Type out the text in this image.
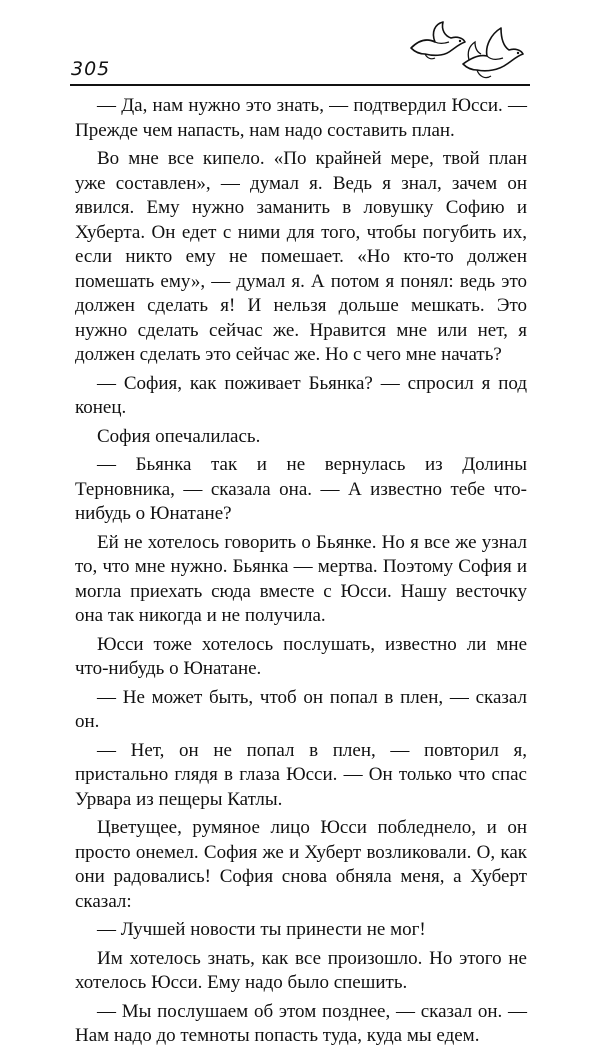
305

— Да, нам нужно это знать, — подтвердил Юсси. — Прежде чем напасть, нам надо составить план.

Во мне все кипело. «По крайней мере, твой план уже составлен», — думал я. Ведь я знал, зачем он явился. Ему нужно заманить в ловушку Софию и Хуберта. Он едет с ними для того, чтобы погубить их, если никто ему не помешает. «Но кто-то должен помешать ему», — думал я. А потом я понял: ведь это должен сделать я! И нельзя дольше мешкать. Это нужно сделать сейчас же. Нравится мне или нет, я должен сделать это сейчас же. Но с чего мне начать?

— София, как поживает Бьянка? — спросил я под конец.

София опечалилась.

— Бьянка так и не вернулась из Долины Терновника, — сказала она. — А известно тебе что-нибудь о Юнатане?

Ей не хотелось говорить о Бьянке. Но я все же узнал то, что мне нужно. Бьянка — мертва. Поэтому София и могла приехать сюда вместе с Юсси. Нашу весточку она так никогда и не получила.

Юсси тоже хотелось послушать, известно ли мне что-нибудь о Юнатане.

— Не может быть, чтоб он попал в плен, — сказал он.

— Нет, он не попал в плен, — повторил я, пристально глядя в глаза Юсси. — Он только что спас Урвара из пещеры Катлы.

Цветущее, румяное лицо Юсси побледнело, и он просто онемел. София же и Хуберт возликовали. О, как они радовались! София снова обняла меня, а Хуберт сказал:

— Лучшей новости ты принести не мог!

Им хотелось знать, как все произошло. Но этого не хотелось Юсси. Ему надо было спешить.

— Мы послушаем об этом позднее, — сказал он. — Нам надо до темноты попасть туда, куда мы едем.
